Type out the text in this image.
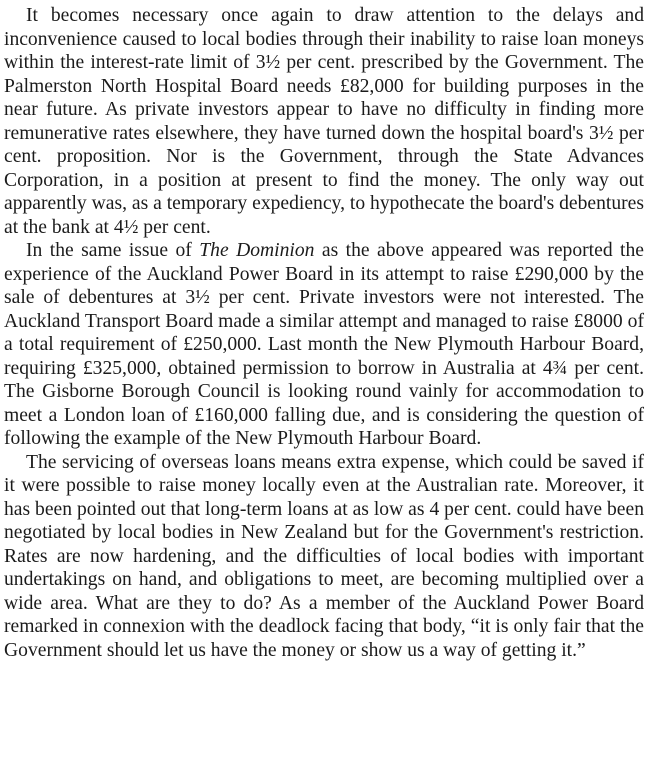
It becomes necessary once again to draw attention to the delays and inconvenience caused to local bodies through their inability to raise loan moneys within the interest-rate limit of 3½ per cent. prescribed by the Government. The Palmerston North Hospital Board needs £82,000 for building purposes in the near future. As private investors appear to have no difficulty in finding more remunerative rates elsewhere, they have turned down the hospital board's 3½ per cent. proposition. Nor is the Government, through the State Advances Corporation, in a position at present to find the money. The only way out apparently was, as a temporary expediency, to hypothecate the board's debentures at the bank at 4½ per cent.

In the same issue of The Dominion as the above appeared was reported the experience of the Auckland Power Board in its attempt to raise £290,000 by the sale of debentures at 3½ per cent. Private investors were not interested. The Auckland Transport Board made a similar attempt and managed to raise £8000 of a total requirement of £250,000. Last month the New Plymouth Harbour Board, requiring £325,000, obtained permission to borrow in Australia at 4¾ per cent. The Gisborne Borough Council is looking round vainly for accommodation to meet a London loan of £160,000 falling due, and is considering the question of following the example of the New Plymouth Harbour Board.

The servicing of overseas loans means extra expense, which could be saved if it were possible to raise money locally even at the Australian rate. Moreover, it has been pointed out that long-term loans at as low as 4 per cent. could have been negotiated by local bodies in New Zealand but for the Government's restriction. Rates are now hardening, and the difficulties of local bodies with important undertakings on hand, and obligations to meet, are becoming multiplied over a wide area. What are they to do? As a member of the Auckland Power Board remarked in connexion with the deadlock facing that body, “it is only fair that the Government should let us have the money or show us a way of getting it.”
